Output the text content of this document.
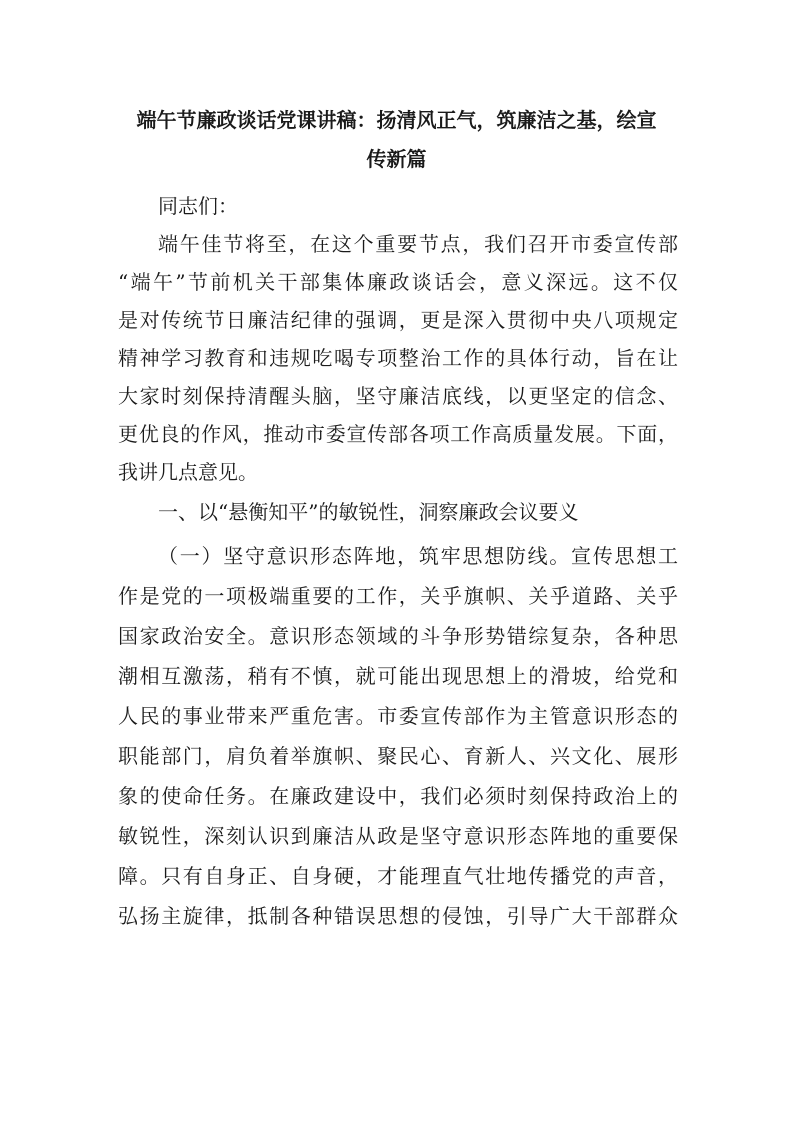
端午节廉政谈话党课讲稿：扬清风正气，筑廉洁之基，绘宣
传新篇

同志们：

端午佳节将至，在这个重要节点，我们召开市委宣传部

“端午”节前机关干部集体廉政谈话会，意义深远。这不仅

是对传统节日廉洁纪律的强调，更是深入贯彻中央八项规定

精神学习教育和违规吃喝专项整治工作的具体行动，旨在让

大家时刻保持清醒头脑，坚守廉洁底线，以更坚定的信念、

更优良的作风，推动市委宣传部各项工作高质量发展。下面，

我讲几点意见。

一、以“悬衡知平”的敏锐性，洞察廉政会议要义

（一）坚守意识形态阵地，筑牢思想防线。宣传思想工

作是党的一项极端重要的工作，关乎旗帜、关乎道路、关乎

国家政治安全。意识形态领域的斗争形势错综复杂，各种思

潮相互激荡，稍有不慎，就可能出现思想上的滑坡，给党和

人民的事业带来严重危害。市委宣传部作为主管意识形态的

职能部门，肩负着举旗帜、聚民心、育新人、兴文化、展形

象的使命任务。在廉政建设中，我们必须时刻保持政治上的

敏锐性，深刻认识到廉洁从政是坚守意识形态阵地的重要保

障。只有自身正、自身硬，才能理直气壮地传播党的声音，

弘扬主旋律，抵制各种错误思想的侵蚀，引导广大干部群众
